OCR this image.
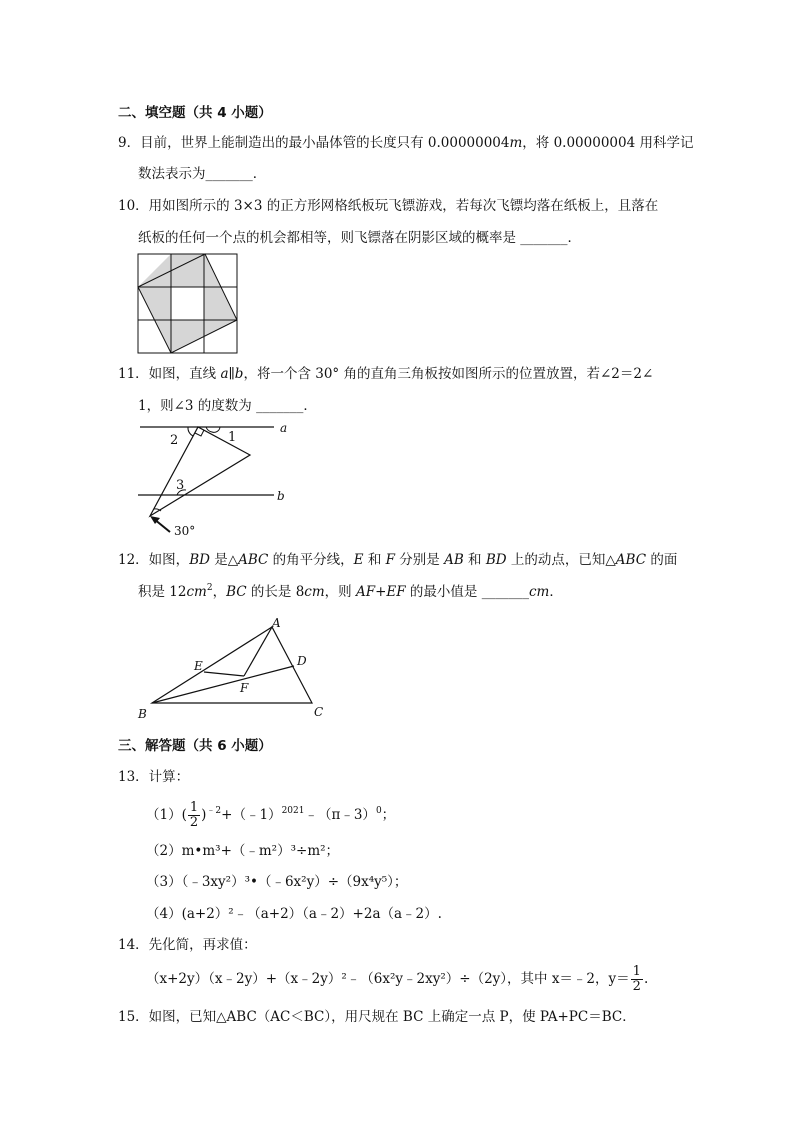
二、填空题（共 4 小题）
9．目前，世界上能制造出的最小晶体管的长度只有 0.00000004m，将 0.00000004 用科学记
数法表示为_______．
10．用如图所示的 3×3 的正方形网格纸板玩飞镖游戏，若每次飞镖均落在纸板上，且落在
纸板的任何一个点的机会都相等，则飞镖落在阴影区域的概率是 _______．
11．如图，直线 a∥b，将一个含 30° 角的直角三角板按如图所示的位置放置，若∠2＝2∠
1，则∠3 的度数为 _______．
a
b
2	1
3
30°
12．如图，BD 是△ABC 的角平分线，E 和 F 分别是 AB 和 BD 上的动点，已知△ABC 的面
积是 $12cm^2$，BC 的长是 8cm，则 AF+EF 的最小值是 _______cm．
A
B	C
D
E
F
三、解答题（共 6 小题）
13．计算：
$(1)( \frac{1}{2}$ )$^{﹣2}+(﹣1)^{2021}﹣(\pi﹣3)^0$；
（2）m•m³+（﹣m²）³÷m²；
（3）（﹣3xy²）³•（﹣6x²y）÷（9x⁴y⁵）；
（4）(a+2）²﹣（a+2）（a﹣2）+2a（a﹣2）.
14．先化简，再求值：
（x+2y）（x﹣2y）+（x﹣2y）²﹣（6x²y﹣2xy²）÷（2y），其中 x＝﹣2，$y= \frac{1}{2}$ .
15．如图，已知△ABC（AC＜BC），用尺规在 BC 上确定一点 P，使 PA+PC＝BC．
